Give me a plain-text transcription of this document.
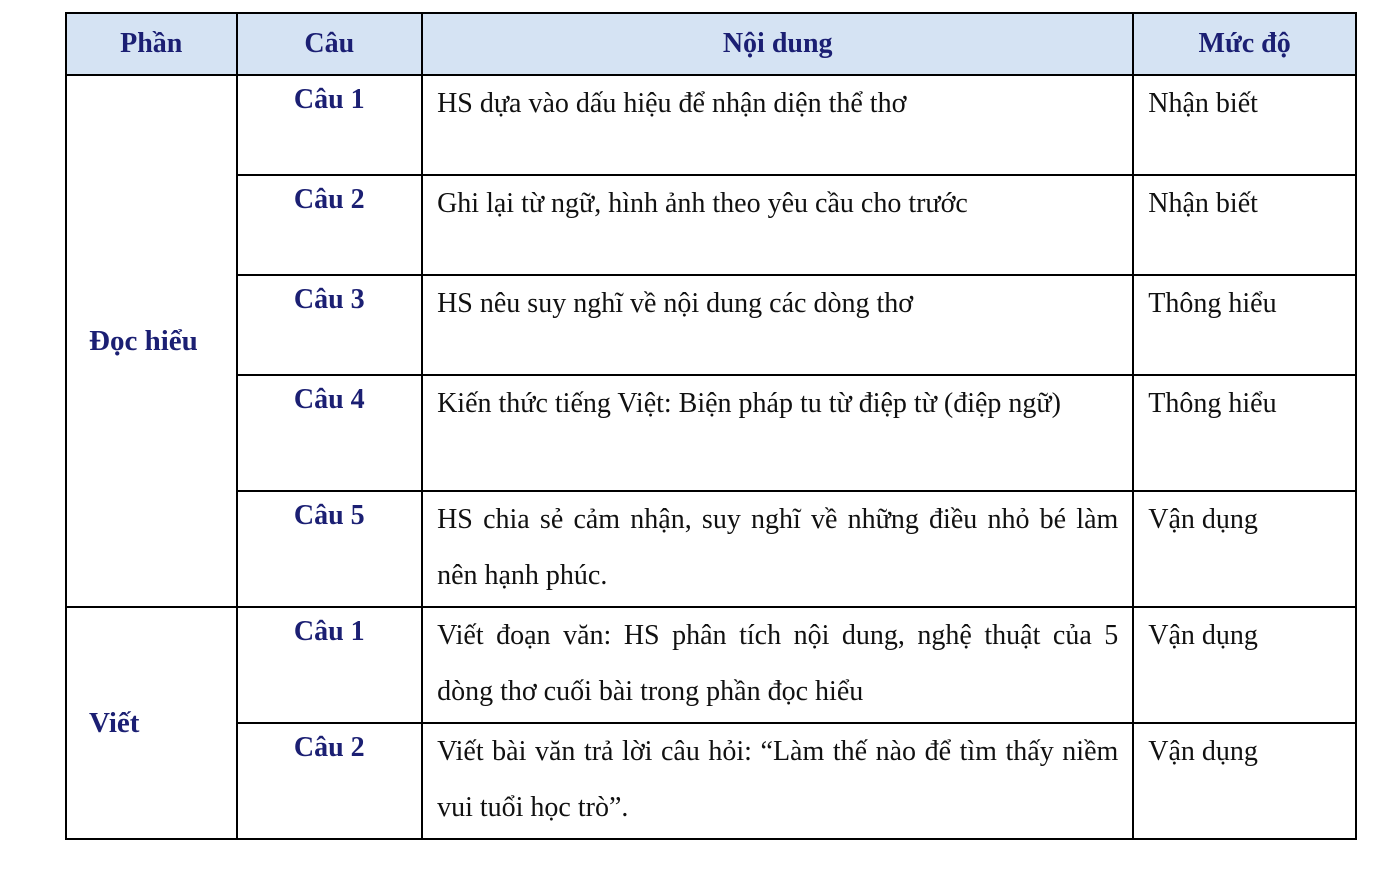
Phần	Câu	Nội dung	Mức độ
Đọc hiểu	Câu 1	HS dựa vào dấu hiệu để nhận diện thể thơ	Nhận biết
	Câu 2	Ghi lại từ ngữ, hình ảnh theo yêu cầu cho trước	Nhận biết
	Câu 3	HS nêu suy nghĩ về nội dung các dòng thơ	Thông hiểu
	Câu 4	Kiến thức tiếng Việt: Biện pháp tu từ điệp từ (điệp ngữ)	Thông hiểu
	Câu 5	HS chia sẻ cảm nhận, suy nghĩ về những điều nhỏ bé làm nên hạnh phúc.	Vận dụng
Viết	Câu 1	Viết đoạn văn: HS phân tích nội dung, nghệ thuật của 5 dòng thơ cuối bài trong phần đọc hiểu	Vận dụng
	Câu 2	Viết bài văn trả lời câu hỏi: “Làm thế nào để tìm thấy niềm vui tuổi học trò”.	Vận dụng
